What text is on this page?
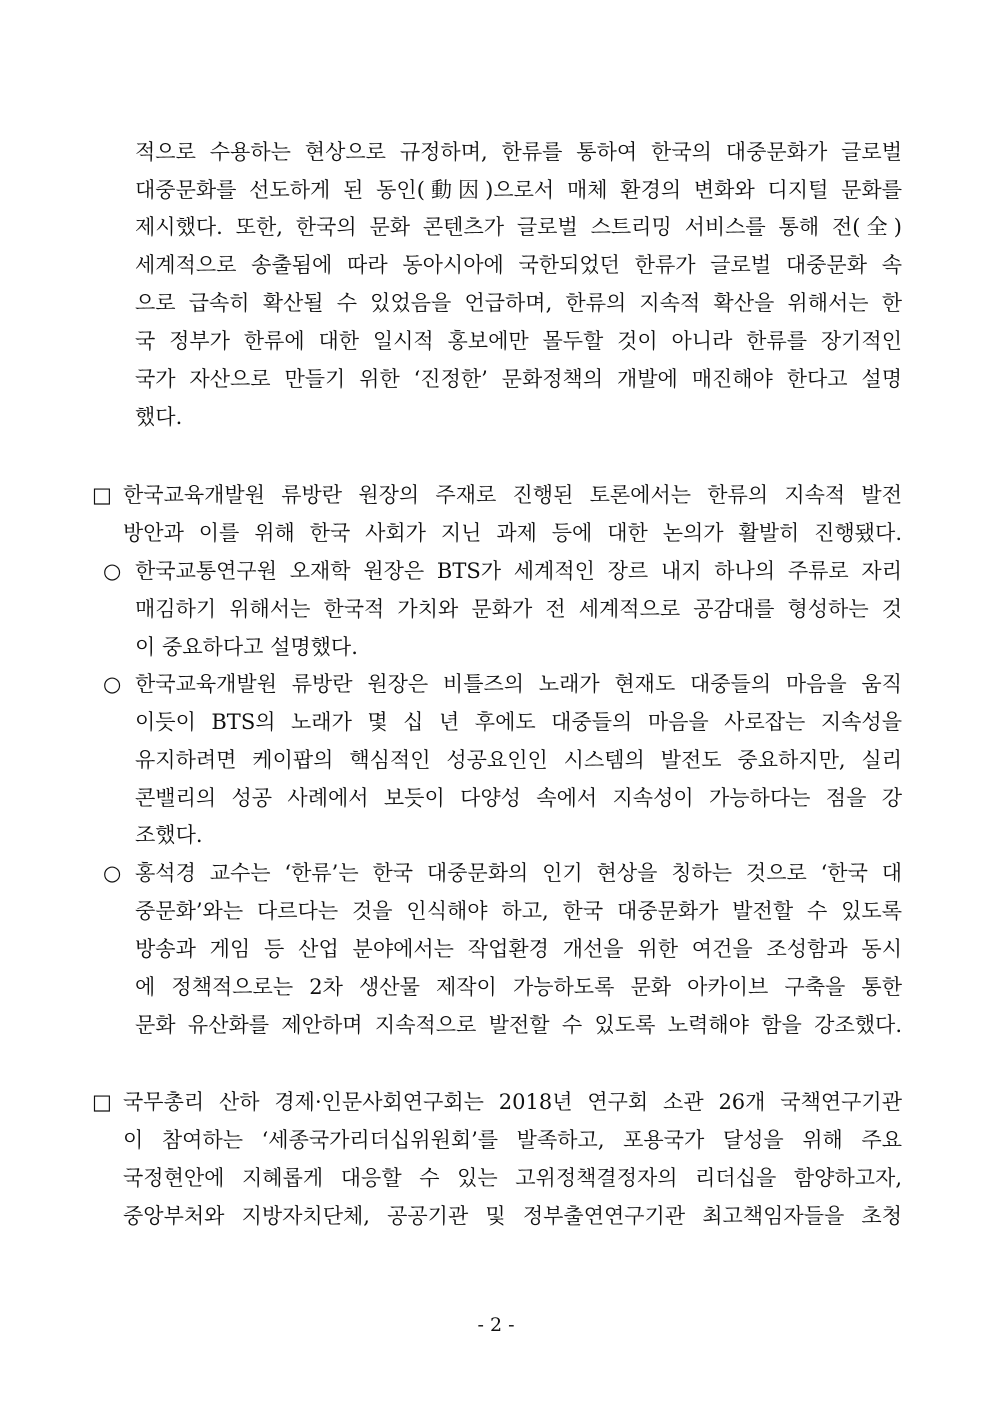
적으로 수용하는 현상으로 규정하며, 한류를 통하여 한국의 대중문화가 글로벌
대중문화를 선도하게 된 동인(動因)으로서 매체 환경의 변화와 디지털 문화를
제시했다. 또한, 한국의 문화 콘텐츠가 글로벌 스트리밍 서비스를 통해 전(全)
세계적으로 송출됨에 따라 동아시아에 국한되었던 한류가 글로벌 대중문화 속
으로 급속히 확산될 수 있었음을 언급하며, 한류의 지속적 확산을 위해서는 한
국 정부가 한류에 대한 일시적 홍보에만 몰두할 것이 아니라 한류를 장기적인
국가 자산으로 만들기 위한 ‘진정한’ 문화정책의 개발에 매진해야 한다고 설명
했다.
□ 한국교육개발원 류방란 원장의 주재로 진행된 토론에서는 한류의 지속적 발전
방안과 이를 위해 한국 사회가 지닌 과제 등에 대한 논의가 활발히 진행됐다.
○ 한국교통연구원 오재학 원장은 BTS가 세계적인 장르 내지 하나의 주류로 자리
매김하기 위해서는 한국적 가치와 문화가 전 세계적으로 공감대를 형성하는 것
이 중요하다고 설명했다.
○ 한국교육개발원 류방란 원장은 비틀즈의 노래가 현재도 대중들의 마음을 움직
이듯이 BTS의 노래가 몇 십 년 후에도 대중들의 마음을 사로잡는 지속성을
유지하려면 케이팝의 핵심적인 성공요인인 시스템의 발전도 중요하지만, 실리
콘밸리의 성공 사례에서 보듯이 다양성 속에서 지속성이 가능하다는 점을 강
조했다.
○ 홍석경 교수는 ‘한류’는 한국 대중문화의 인기 현상을 칭하는 것으로 ‘한국 대
중문화’와는 다르다는 것을 인식해야 하고, 한국 대중문화가 발전할 수 있도록
방송과 게임 등 산업 분야에서는 작업환경 개선을 위한 여건을 조성함과 동시
에 정책적으로는 2차 생산물 제작이 가능하도록 문화 아카이브 구축을 통한
문화 유산화를 제안하며 지속적으로 발전할 수 있도록 노력해야 함을 강조했다.
□ 국무총리 산하 경제·인문사회연구회는 2018년 연구회 소관 26개 국책연구기관
이 참여하는 ‘세종국가리더십위원회’를 발족하고, 포용국가 달성을 위해 주요
국정현안에 지혜롭게 대응할 수 있는 고위정책결정자의 리더십을 함양하고자,
중앙부처와 지방자치단체, 공공기관 및 정부출연연구기관 최고책임자들을 초청
- 2 -
